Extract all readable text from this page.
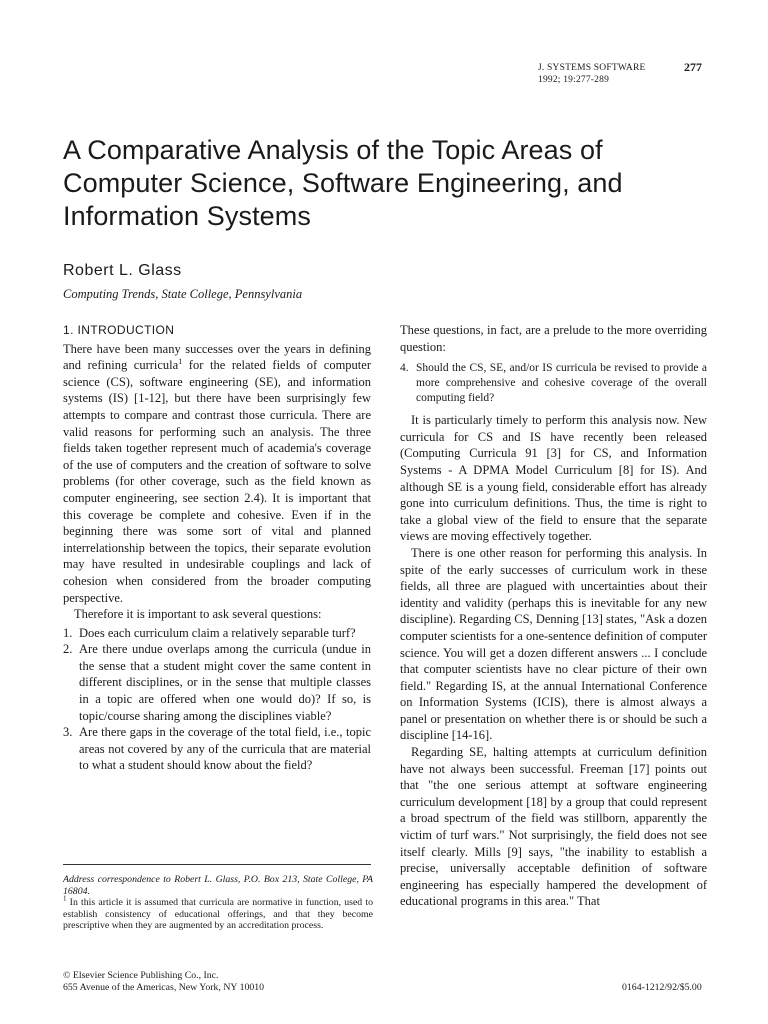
J. SYSTEMS SOFTWARE
1992; 19:277-289
277
A Comparative Analysis of the Topic Areas of Computer Science, Software Engineering, and Information Systems
Robert L. Glass
Computing Trends, State College, Pennsylvania
1. INTRODUCTION

There have been many successes over the years in defining and refining curricula$^1$ for the related fields of computer science (CS), software engineering (SE), and information systems (IS) [1-12], but there have been surprisingly few attempts to compare and contrast those curricula. There are valid reasons for performing such an analysis. The three fields taken together represent much of academia's coverage of the use of computers and the creation of software to solve problems (for other coverage, such as the field known as computer engineering, see section 2.4). It is important that this coverage be complete and cohesive. Even if in the beginning there was some sort of vital and planned interrelationship between the topics, their separate evolution may have resulted in undesirable couplings and lack of cohesion when considered from the broader computing perspective.

Therefore it is important to ask several questions:

1. Does each curriculum claim a relatively separable turf?
2. Are there undue overlaps among the curricula (undue in the sense that a student might cover the same content in different disciplines, or in the sense that multiple classes in a topic are offered when one would do)? If so, is topic/course sharing among the disciplines viable?
3. Are there gaps in the coverage of the total field, i.e., topic areas not covered by any of the curricula that are material to what a student should know about the field?

Address correspondence to Robert L. Glass, P.O. Box 213, State College, PA 16804.

$^1$ In this article it is assumed that curricula are normative in function, used to establish consistency of educational offerings, and that they become prescriptive when they are augmented by an accreditation process.

© Elsevier Science Publishing Co., Inc.
655 Avenue of the Americas, New York, NY 10010

These questions, in fact, are a prelude to the more overriding question:

4. Should the CS, SE, and/or IS curricula be revised to provide a more comprehensive and cohesive coverage of the overall computing field?

It is particularly timely to perform this analysis now. New curricula for CS and IS have recently been released (Computing Curricula 91 [3] for CS, and Information Systems - A DPMA Model Curriculum [8] for IS). And although SE is a young field, considerable effort has already gone into curriculum definitions. Thus, the time is right to take a global view of the field to ensure that the separate views are moving effectively together.

There is one other reason for performing this analysis. In spite of the early successes of curriculum work in these fields, all three are plagued with uncertainties about their identity and validity (perhaps this is inevitable for any new discipline). Regarding CS, Denning [13] states, "Ask a dozen computer scientists for a one-sentence definition of computer science. You will get a dozen different answers ... I conclude that computer scientists have no clear picture of their own field." Regarding IS, at the annual International Conference on Information Systems (ICIS), there is almost always a panel or presentation on whether there is or should be such a discipline [14-16].

Regarding SE, halting attempts at curriculum definition have not always been successful. Freeman [17] points out that "the one serious attempt at software engineering curriculum development [18] by a group that could represent a broad spectrum of the field was stillborn, apparently the victim of turf wars." Not surprisingly, the field does not see itself clearly. Mills [9] says, "the inability to establish a precise, universally acceptable definition of software engineering has especially hampered the development of educational programs in this area." That

0164-1212/92/$5.00
